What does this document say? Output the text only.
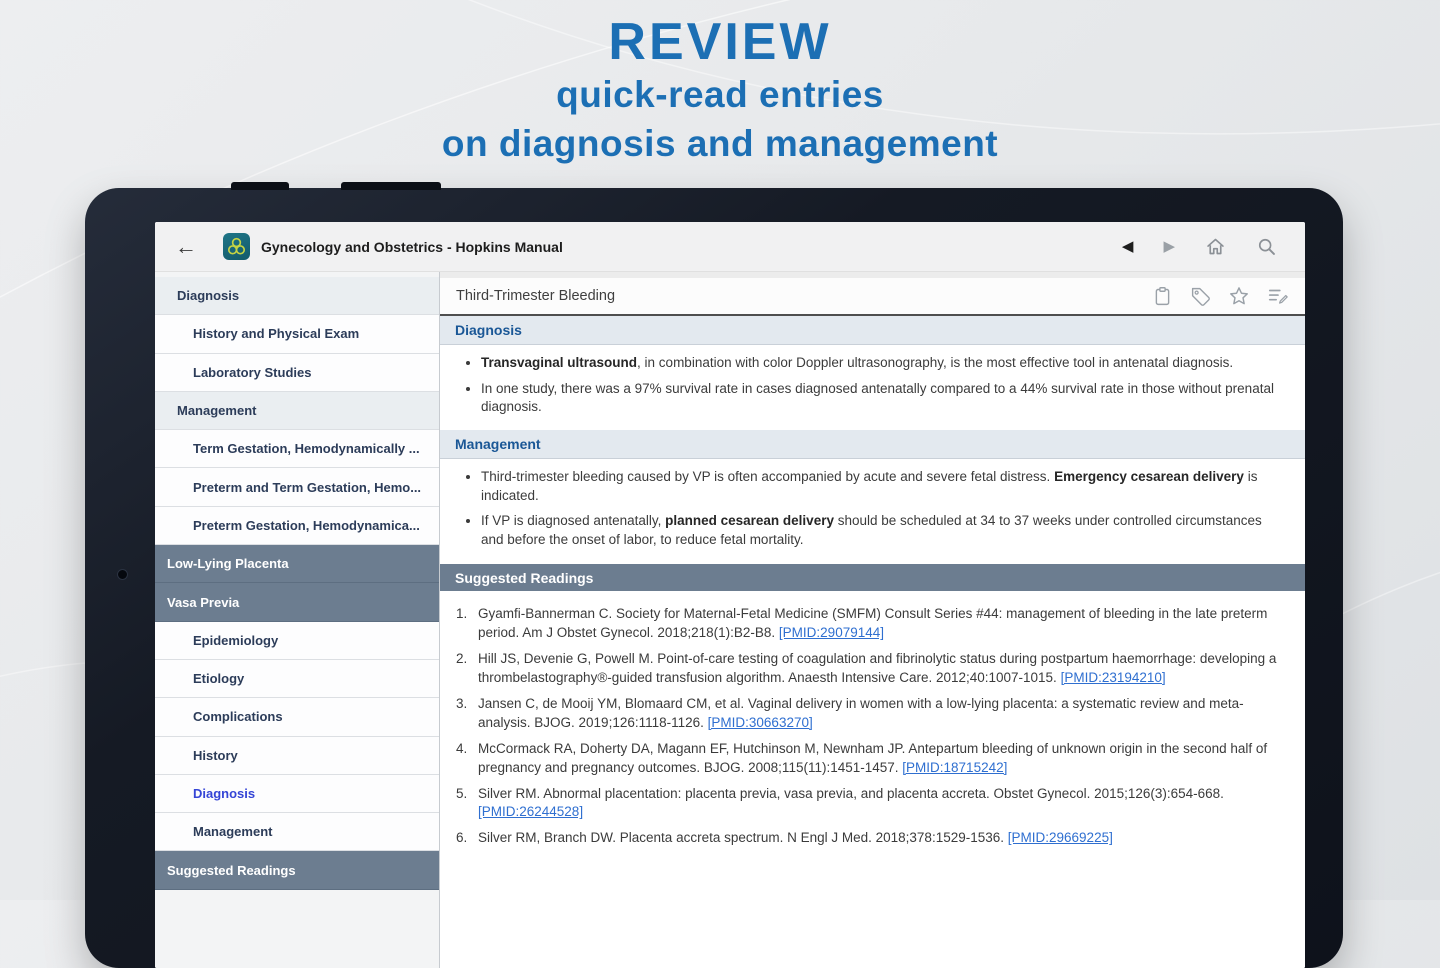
REVIEW
quick-read entries
on diagnosis and management
←	Gynecology and Obstetrics - Hopkins Manual	◀ ▶
Diagnosis
History and Physical Exam
Laboratory Studies
Management
Term Gestation, Hemodynamically ...
Preterm and Term Gestation, Hemo...
Preterm Gestation, Hemodynamica...
Low-Lying Placenta
Vasa Previa
Epidemiology
Etiology
Complications
History
Diagnosis
Management
Suggested Readings
Third-Trimester Bleeding
Diagnosis
• Transvaginal ultrasound, in combination with color Doppler ultrasonography, is the most effective tool in antenatal diagnosis.
• In one study, there was a 97% survival rate in cases diagnosed antenatally compared to a 44% survival rate in those without prenatal diagnosis.
Management
• Third-trimester bleeding caused by VP is often accompanied by acute and severe fetal distress. Emergency cesarean delivery is indicated.
• If VP is diagnosed antenatally, planned cesarean delivery should be scheduled at 34 to 37 weeks under controlled circumstances and before the onset of labor, to reduce fetal mortality.
Suggested Readings
1. Gyamfi-Bannerman C. Society for Maternal-Fetal Medicine (SMFM) Consult Series #44: management of bleeding in the late preterm period. Am J Obstet Gynecol. 2018;218(1):B2-B8. [PMID:29079144]
2. Hill JS, Devenie G, Powell M. Point-of-care testing of coagulation and fibrinolytic status during postpartum haemorrhage: developing a thrombelastography®-guided transfusion algorithm. Anaesth Intensive Care. 2012;40:1007-1015. [PMID:23194210]
3. Jansen C, de Mooij YM, Blomaard CM, et al. Vaginal delivery in women with a low-lying placenta: a systematic review and meta-analysis. BJOG. 2019;126:1118-1126. [PMID:30663270]
4. McCormack RA, Doherty DA, Magann EF, Hutchinson M, Newnham JP. Antepartum bleeding of unknown origin in the second half of pregnancy and pregnancy outcomes. BJOG. 2008;115(11):1451-1457. [PMID:18715242]
5. Silver RM. Abnormal placentation: placenta previa, vasa previa, and placenta accreta. Obstet Gynecol. 2015;126(3):654-668. [PMID:26244528]
6. Silver RM, Branch DW. Placenta accreta spectrum. N Engl J Med. 2018;378:1529-1536. [PMID:29669225]
